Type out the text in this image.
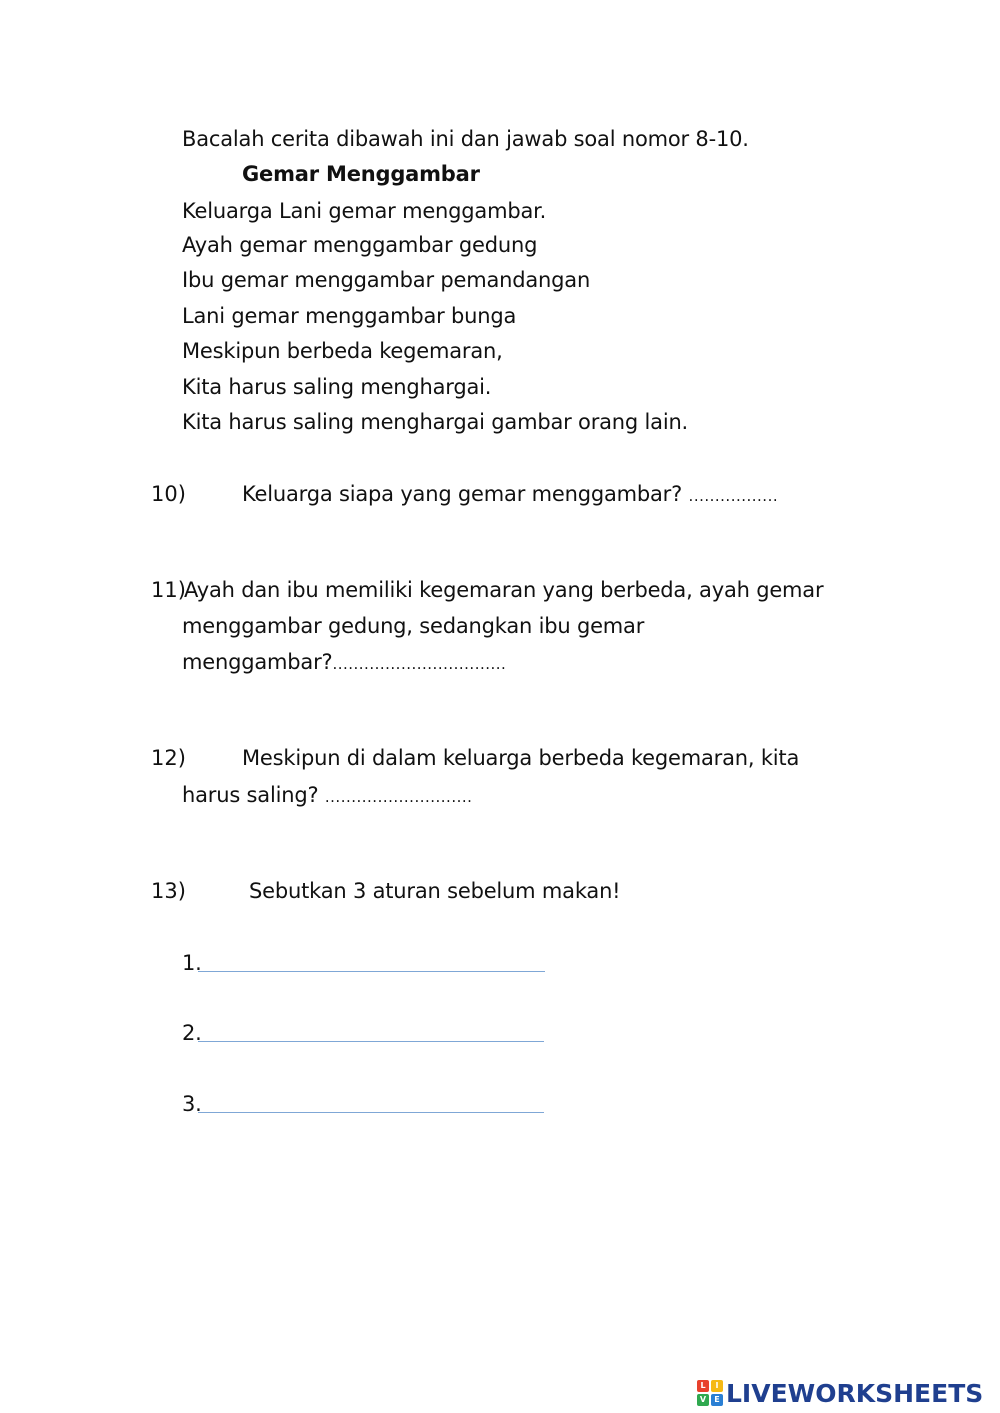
Bacalah cerita dibawah ini dan jawab soal nomor 8-10.
Gemar Menggambar
Keluarga Lani gemar menggambar.
Ayah gemar menggambar gedung
Ibu gemar menggambar pemandangan
Lani gemar menggambar bunga
Meskipun berbeda kegemaran,
Kita harus saling menghargai.
Kita harus saling menghargai gambar orang lain.
10)	Keluarga siapa yang gemar menggambar? .................
11)
Ayah dan ibu memiliki kegemaran yang berbeda, ayah gemar
menggambar gedung, sedangkan ibu gemar
menggambar?.................................
12)	Meskipun di dalam keluarga berbeda kegemaran, kita
harus saling? ............................
13)	Sebutkan 3 aturan sebelum makan!
1.
2.
3.
L	I
V	E LIVEWORKSHEETS
